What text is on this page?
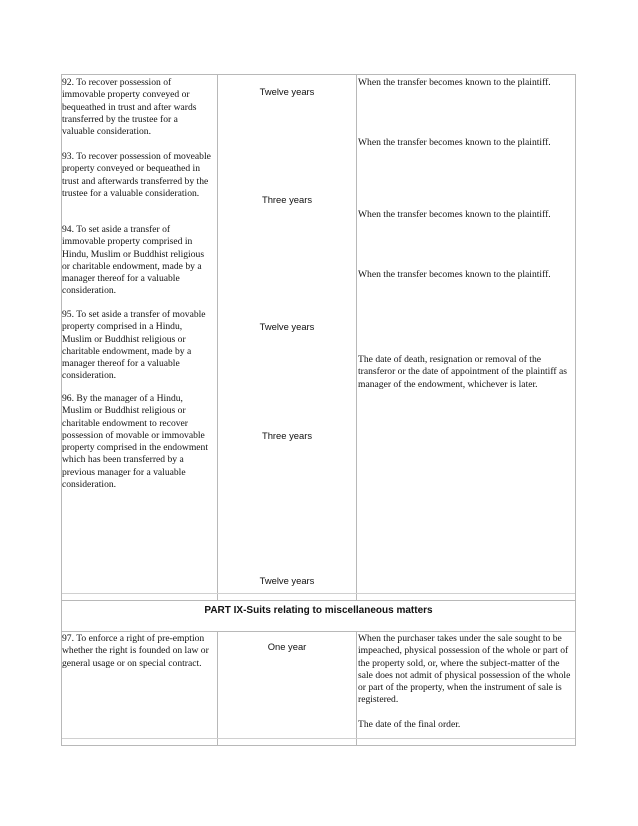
92. To recover possession of immovable property conveyed or bequeathed in trust and after wards transferred by the trustee for a valuable consideration.

93. To recover possession of moveable property conveyed or bequeathed in trust and afterwards transferred by the trustee for a valuable consideration.

94. To set aside a transfer of immovable property comprised in Hindu, Muslim or Buddhist religious or charitable endowment, made by a manager thereof for a valuable consideration.

95. To set aside a transfer of movable property comprised in a Hindu, Muslim or Buddhist religious or charitable endowment, made by a manager thereof for a valuable consideration.

96. By the manager of a Hindu, Muslim or Buddhist religious or charitable endowment to recover possession of movable or immovable property comprised in the endowment which has been transferred by a previous manager for a valuable consideration.

Twelve years
Three years
Twelve years
Three years
Twelve years

When the transfer becomes known to the plaintiff.

When the transfer becomes known to the plaintiff.

When the transfer becomes known to the plaintiff.

When the transfer becomes known to the plaintiff.

The date of death, resignation or removal of the transferor or the date of appointment of the plaintiff as manager of the endowment, whichever is later.

PART IX-Suits relating to miscellaneous matters

97. To enforce a right of pre-emption whether the right is founded on law or general usage or on special contract.

One year

When the purchaser takes under the sale sought to be impeached, physical possession of the whole or part of the property sold, or, where the subject-matter of the sale does not admit of physical possession of the whole or part of the property, when the instrument of sale is registered.

The date of the final order.
